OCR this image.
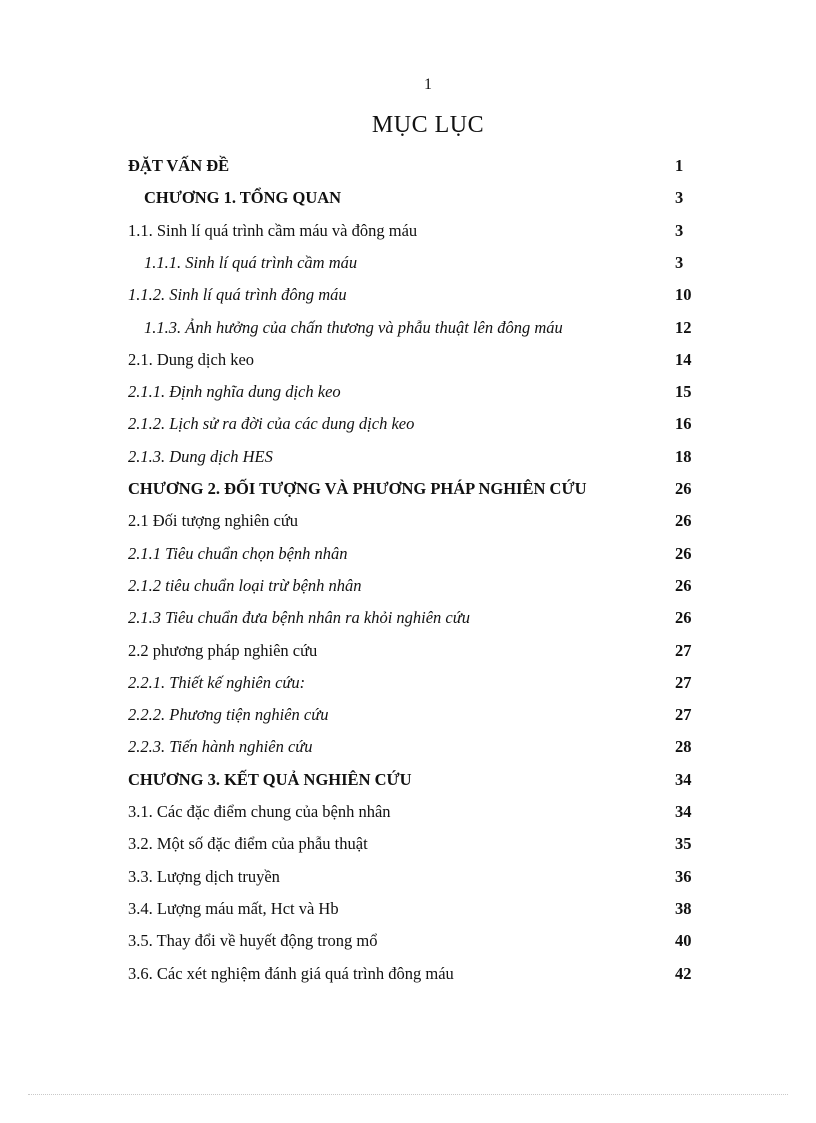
1
MỤC LỤC
ĐẶT VẤN ĐỀ	1
CHƯƠNG 1. TỔNG QUAN	3
1.1. Sinh lí quá trình cầm máu và đông máu	3
1.1.1. Sinh lí quá trình cầm máu	3
1.1.2. Sinh lí quá trình đông máu	10
1.1.3. Ảnh hưởng của chấn thương và phẫu thuật lên đông máu	12
2.1. Dung dịch keo	14
2.1.1. Định nghĩa dung dịch keo	15
2.1.2. Lịch sử ra đời của các dung dịch keo	16
2.1.3. Dung dịch HES	18
CHƯƠNG 2. ĐỐI TƯỢNG VÀ PHƯƠNG PHÁP NGHIÊN CỨU	26
2.1 Đối tượng nghiên cứu	26
2.1.1 Tiêu chuẩn chọn bệnh nhân	26
2.1.2 tiêu chuẩn loại trừ bệnh nhân	26
2.1.3 Tiêu chuẩn đưa bệnh nhân ra khỏi nghiên cứu	26
2.2 phương pháp nghiên cứu	27
2.2.1. Thiết kế nghiên cứu:	27
2.2.2. Phương tiện nghiên cứu	27
2.2.3. Tiến hành nghiên cứu	28
CHƯƠNG 3. KẾT QUẢ NGHIÊN CỨU	34
3.1. Các đặc điểm chung của bệnh nhân	34
3.2. Một số đặc điểm của phẫu thuật	35
3.3. Lượng dịch truyền	36
3.4. Lượng máu mất, Hct và Hb	38
3.5. Thay đổi về huyết động trong mổ	40
3.6. Các xét nghiệm đánh giá quá trình đông máu	42
